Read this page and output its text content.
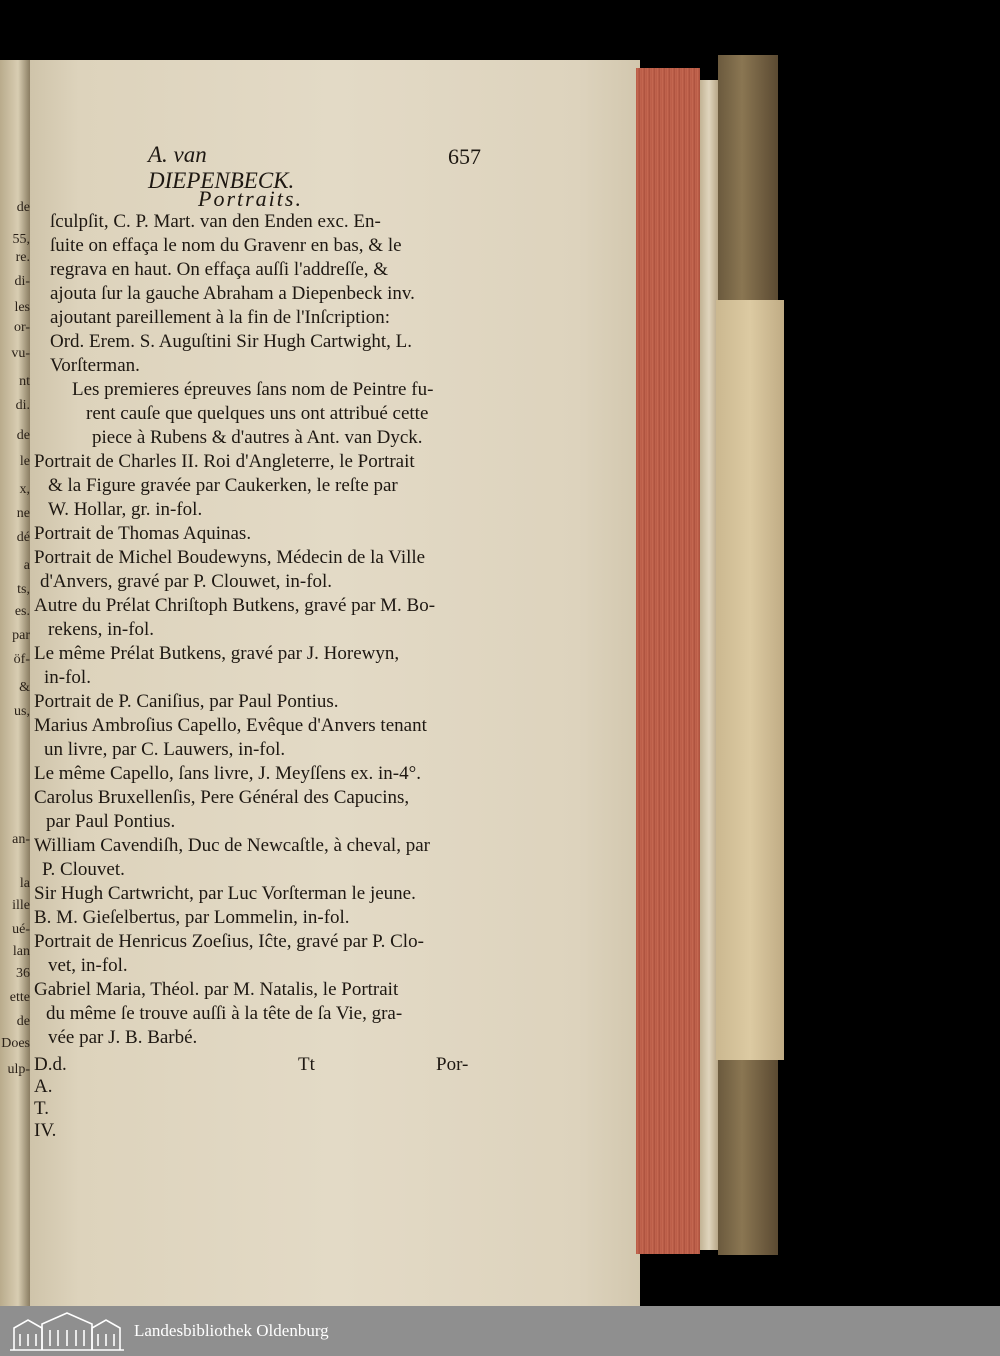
de
55,
re.
di-
les
or-
vu-
nt
di.
de
le
x,
ne
dé
a
ts,
es.
par
öf-
&
us,
an-
la
ille
ué-
lan
36
ette
de
Does
ulp-
A. van DIEPENBECK.
657
Portraits.
ſculpſit, C. P. Mart. van den Enden exc. En-
ſuite on effaça le nom du Gravenr en bas, & le
regrava en haut. On effaça auſſi l'addreſſe, &
ajouta ſur la gauche Abraham a Diepenbeck inv.
ajoutant pareillement à la fin de l'Inſcription:
Ord. Erem. S. Auguſtini Sir Hugh Cartwight, L.
Vorſterman.
Les premieres épreuves ſans nom de Peintre fu-
rent cauſe que quelques uns ont attribué cette
piece à Rubens & d'autres à Ant. van Dyck.
Portrait de Charles II. Roi d'Angleterre, le Portrait
& la Figure gravée par Caukerken, le reſte par
W. Hollar, gr. in-fol.
Portrait de Thomas Aquinas.
Portrait de Michel Boudewyns, Médecin de la Ville
d'Anvers, gravé par P. Clouwet, in-fol.
Autre du Prélat Chriſtoph Butkens, gravé par M. Bo-
rekens, in-fol.
Le même Prélat Butkens, gravé par J. Horewyn,
in-fol.
Portrait de P. Caniſius, par Paul Pontius.
Marius Ambroſius Capello, Evêque d'Anvers tenant
un livre, par C. Lauwers, in-fol.
Le même Capello, ſans livre, J. Meyſſens ex. in-4°.
Carolus Bruxellenſis, Pere Général des Capucins,
par Paul Pontius.
William Cavendiſh, Duc de Newcaſtle, à cheval, par
P. Clouvet.
Sir Hugh Cartwricht, par Luc Vorſterman le jeune.
B. M. Gieſelbertus, par Lommelin, in-fol.
Portrait de Henricus Zoeſius, Iĉte, gravé par P. Clo-
vet, in-fol.
Gabriel Maria, Théol. par M. Natalis, le Portrait
du même ſe trouve auſſi à la tête de ſa Vie, gra-
vée par J. B. Barbé.
D.d. A. T. IV.
Tt	Por-
Landesbibliothek Oldenburg
